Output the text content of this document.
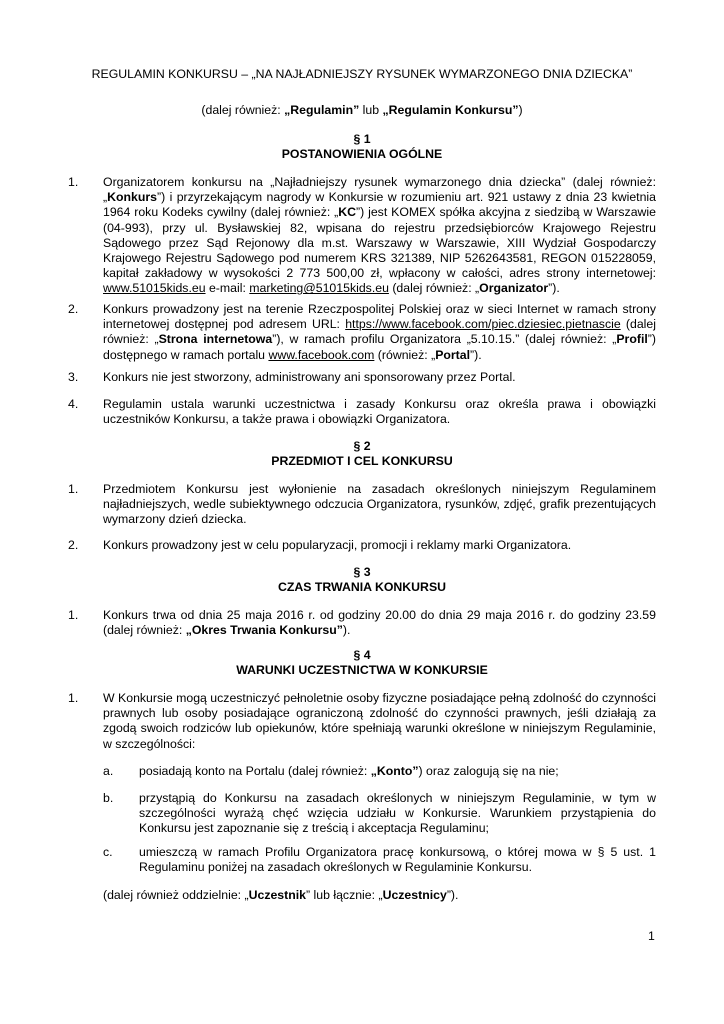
REGULAMIN KONKURSU – „NA NAJŁADNIEJSZY RYSUNEK WYMARZONEGO DNIA DZIECKA”
(dalej również: „Regulamin” lub „Regulamin Konkursu”)
§ 1
POSTANOWIENIA OGÓLNE
1. Organizatorem konkursu na „Najładniejszy rysunek wymarzonego dnia dziecka” (dalej również: „Konkurs”) i przyrzekającym nagrody w Konkursie w rozumieniu art. 921 ustawy z dnia 23 kwietnia 1964 roku Kodeks cywilny (dalej również: „KC”) jest KOMEX spółka akcyjna z siedzibą w Warszawie (04-993), przy ul. Bysławskiej 82, wpisana do rejestru przedsiębiorców Krajowego Rejestru Sądowego przez Sąd Rejonowy dla m.st. Warszawy w Warszawie, XIII Wydział Gospodarczy Krajowego Rejestru Sądowego pod numerem KRS 321389, NIP 5262643581, REGON 015228059, kapitał zakładowy w wysokości 2 773 500,00 zł, wpłacony w całości, adres strony internetowej: www.51015kids.eu e-mail: marketing@51015kids.eu (dalej również: „Organizator”).
2. Konkurs prowadzony jest na terenie Rzeczpospolitej Polskiej oraz w sieci Internet w ramach strony internetowej dostępnej pod adresem URL: https://www.facebook.com/piec.dziesiec.pietnascie (dalej również: „Strona internetowa”), w ramach profilu Organizatora „5.10.15.” (dalej również: „Profil”) dostępnego w ramach portalu www.facebook.com (również: „Portal”).
3. Konkurs nie jest stworzony, administrowany ani sponsorowany przez Portal.
4. Regulamin ustala warunki uczestnictwa i zasady Konkursu oraz określa prawa i obowiązki uczestników Konkursu, a także prawa i obowiązki Organizatora.
§ 2
PRZEDMIOT I CEL KONKURSU
1. Przedmiotem Konkursu jest wyłonienie na zasadach określonych niniejszym Regulaminem najładniejszych, wedle subiektywnego odczucia Organizatora, rysunków, zdjęć, grafik prezentujących wymarzony dzień dziecka.
2. Konkurs prowadzony jest w celu popularyzacji, promocji i reklamy marki Organizatora.
§ 3
CZAS TRWANIA KONKURSU
1. Konkurs trwa od dnia 25 maja 2016 r. od godziny 20.00 do dnia 29 maja 2016 r. do godziny 23.59 (dalej również: „Okres Trwania Konkursu”).
§ 4
WARUNKI UCZESTNICTWA W KONKURSIE
1. W Konkursie mogą uczestniczyć pełnoletnie osoby fizyczne posiadające pełną zdolność do czynności prawnych lub osoby posiadające ograniczoną zdolność do czynności prawnych, jeśli działają za zgodą swoich rodziców lub opiekunów, które spełniają warunki określone w niniejszym Regulaminie, w szczególności:
a. posiadają konto na Portalu (dalej również: „Konto”) oraz zalogują się na nie;
b. przystąpią do Konkursu na zasadach określonych w niniejszym Regulaminie, w tym w szczególności wyrażą chęć wzięcia udziału w Konkursie. Warunkiem przystąpienia do Konkursu jest zapoznanie się z treścią i akceptacja Regulaminu;
c. umieszczą w ramach Profilu Organizatora pracę konkursową, o której mowa w § 5 ust. 1 Regulaminu poniżej na zasadach określonych w Regulaminie Konkursu.
(dalej również oddzielnie: „Uczestnik” lub łącznie: „Uczestnicy”).
1
